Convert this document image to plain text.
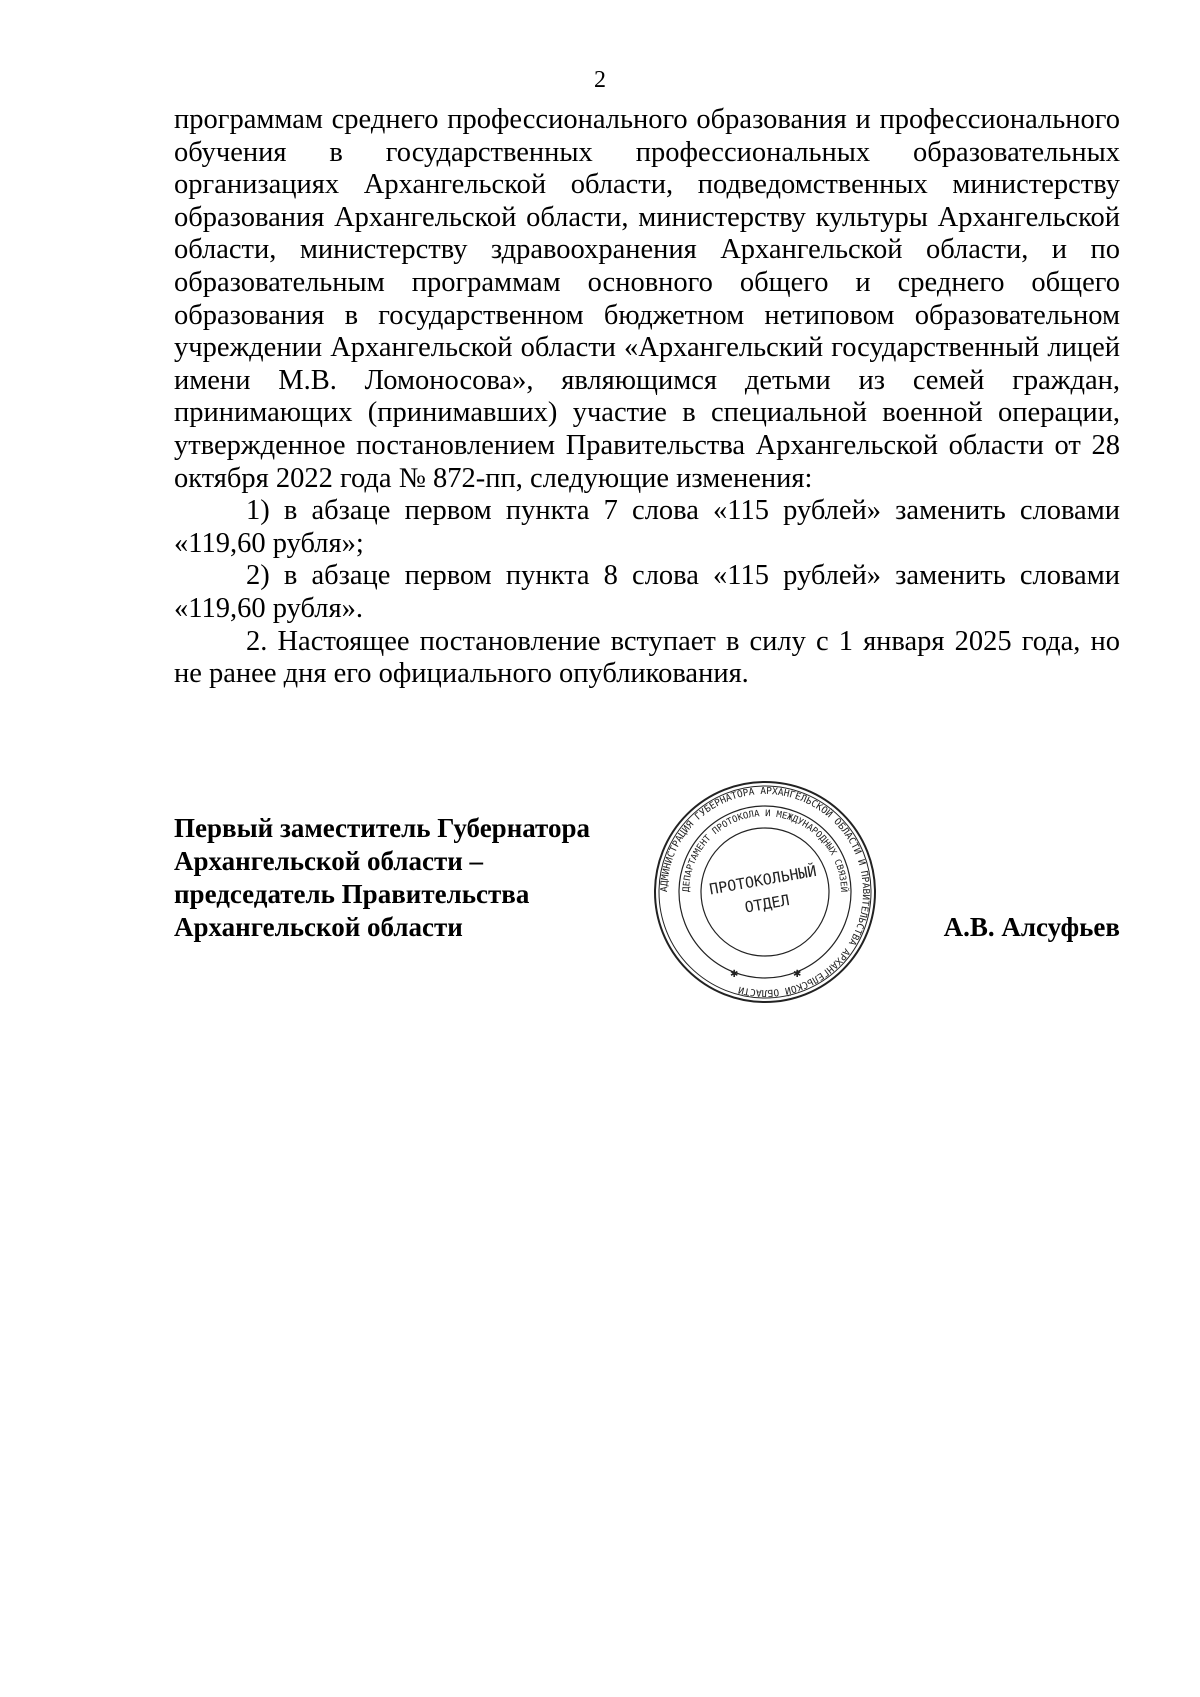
2

программам среднего профессионального образования и профессионального обучения в государственных профессиональных образовательных организациях Архангельской области, подведомственных министерству образования Архангельской области, министерству культуры Архангельской области, министерству здравоохранения Архангельской области, и по образовательным программам основного общего и среднего общего образования в государственном бюджетном нетиповом образовательном учреждении Архангельской области «Архангельский государственный лицей имени М.В. Ломоносова», являющимся детьми из семей граждан, принимающих (принимавших) участие в специальной военной операции, утвержденное постановлением Правительства Архангельской области от 28 октября 2022 года № 872-пп, следующие изменения:

1) в абзаце первом пункта 7 слова «115 рублей» заменить словами «119,60 рубля»;

2) в абзаце первом пункта 8 слова «115 рублей» заменить словами «119,60 рубля».

2. Настоящее постановление вступает в силу с 1 января 2025 года, но не ранее дня его официального опубликования.

Первый заместитель Губернатора
Архангельской области –
председатель Правительства
Архангельской области
АДМИНИСТРАЦИЯ ГУБЕРНАТОРА АРХАНГЕЛЬСКОЙ ОБЛАСТИ И ПРАВИТЕЛЬСТВА АРХАНГЕЛЬСКОЙ ОБЛАСТИ
ДЕПАРТАМЕНТ ПРОТОКОЛА И МЕЖДУНАРОДНЫХ СВЯЗЕЙ
ПРОТОКОЛЬНЫЙ
ОТДЕЛ
✱	✱
А.В. Алсуфьев
